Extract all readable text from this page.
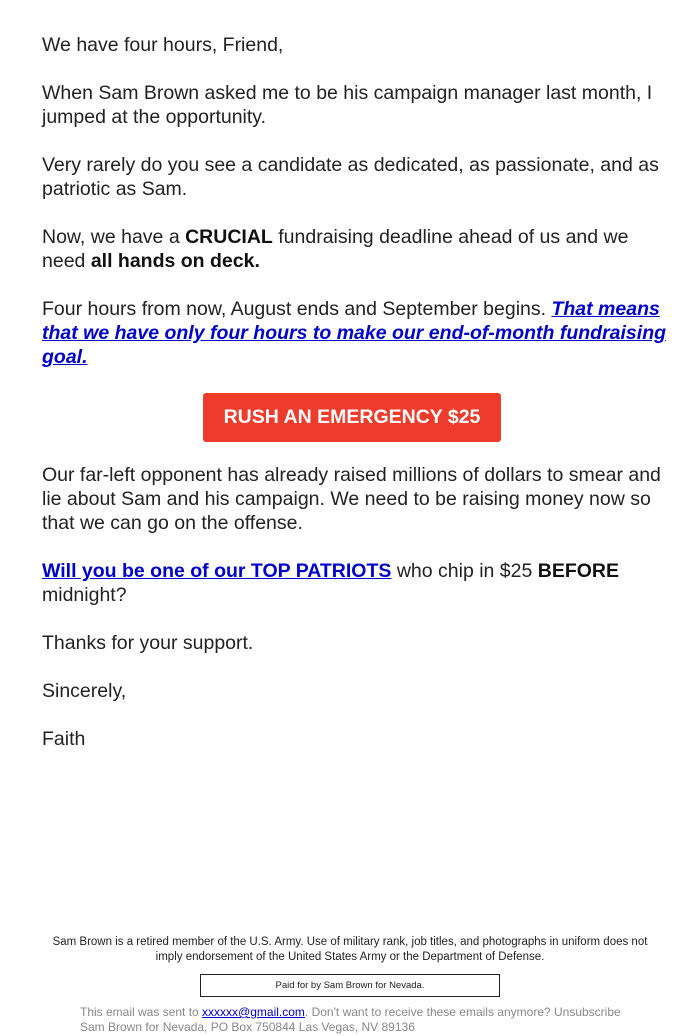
We have four hours, Friend,

When Sam Brown asked me to be his campaign manager last month, I jumped at the opportunity.

Very rarely do you see a candidate as dedicated, as passionate, and as patriotic as Sam.

Now, we have a CRUCIAL fundraising deadline ahead of us and we need all hands on deck.

Four hours from now, August ends and September begins. That means that we have only four hours to make our end-of-month fundraising goal.

RUSH AN EMERGENCY $25

Our far-left opponent has already raised millions of dollars to smear and lie about Sam and his campaign. We need to be raising money now so that we can go on the offense.

Will you be one of our TOP PATRIOTS who chip in $25 BEFORE midnight?

Thanks for your support.

Sincerely,

Faith

Sam Brown is a retired member of the U.S. Army. Use of military rank, job titles, and photographs in uniform does not imply endorsement of the United States Army or the Department of Defense.
Paid for by Sam Brown for Nevada.
This email was sent to xxxxxx@gmail.com. Don't want to receive these emails anymore? Unsubscribe
Sam Brown for Nevada, PO Box 750844 Las Vegas, NV 89136
